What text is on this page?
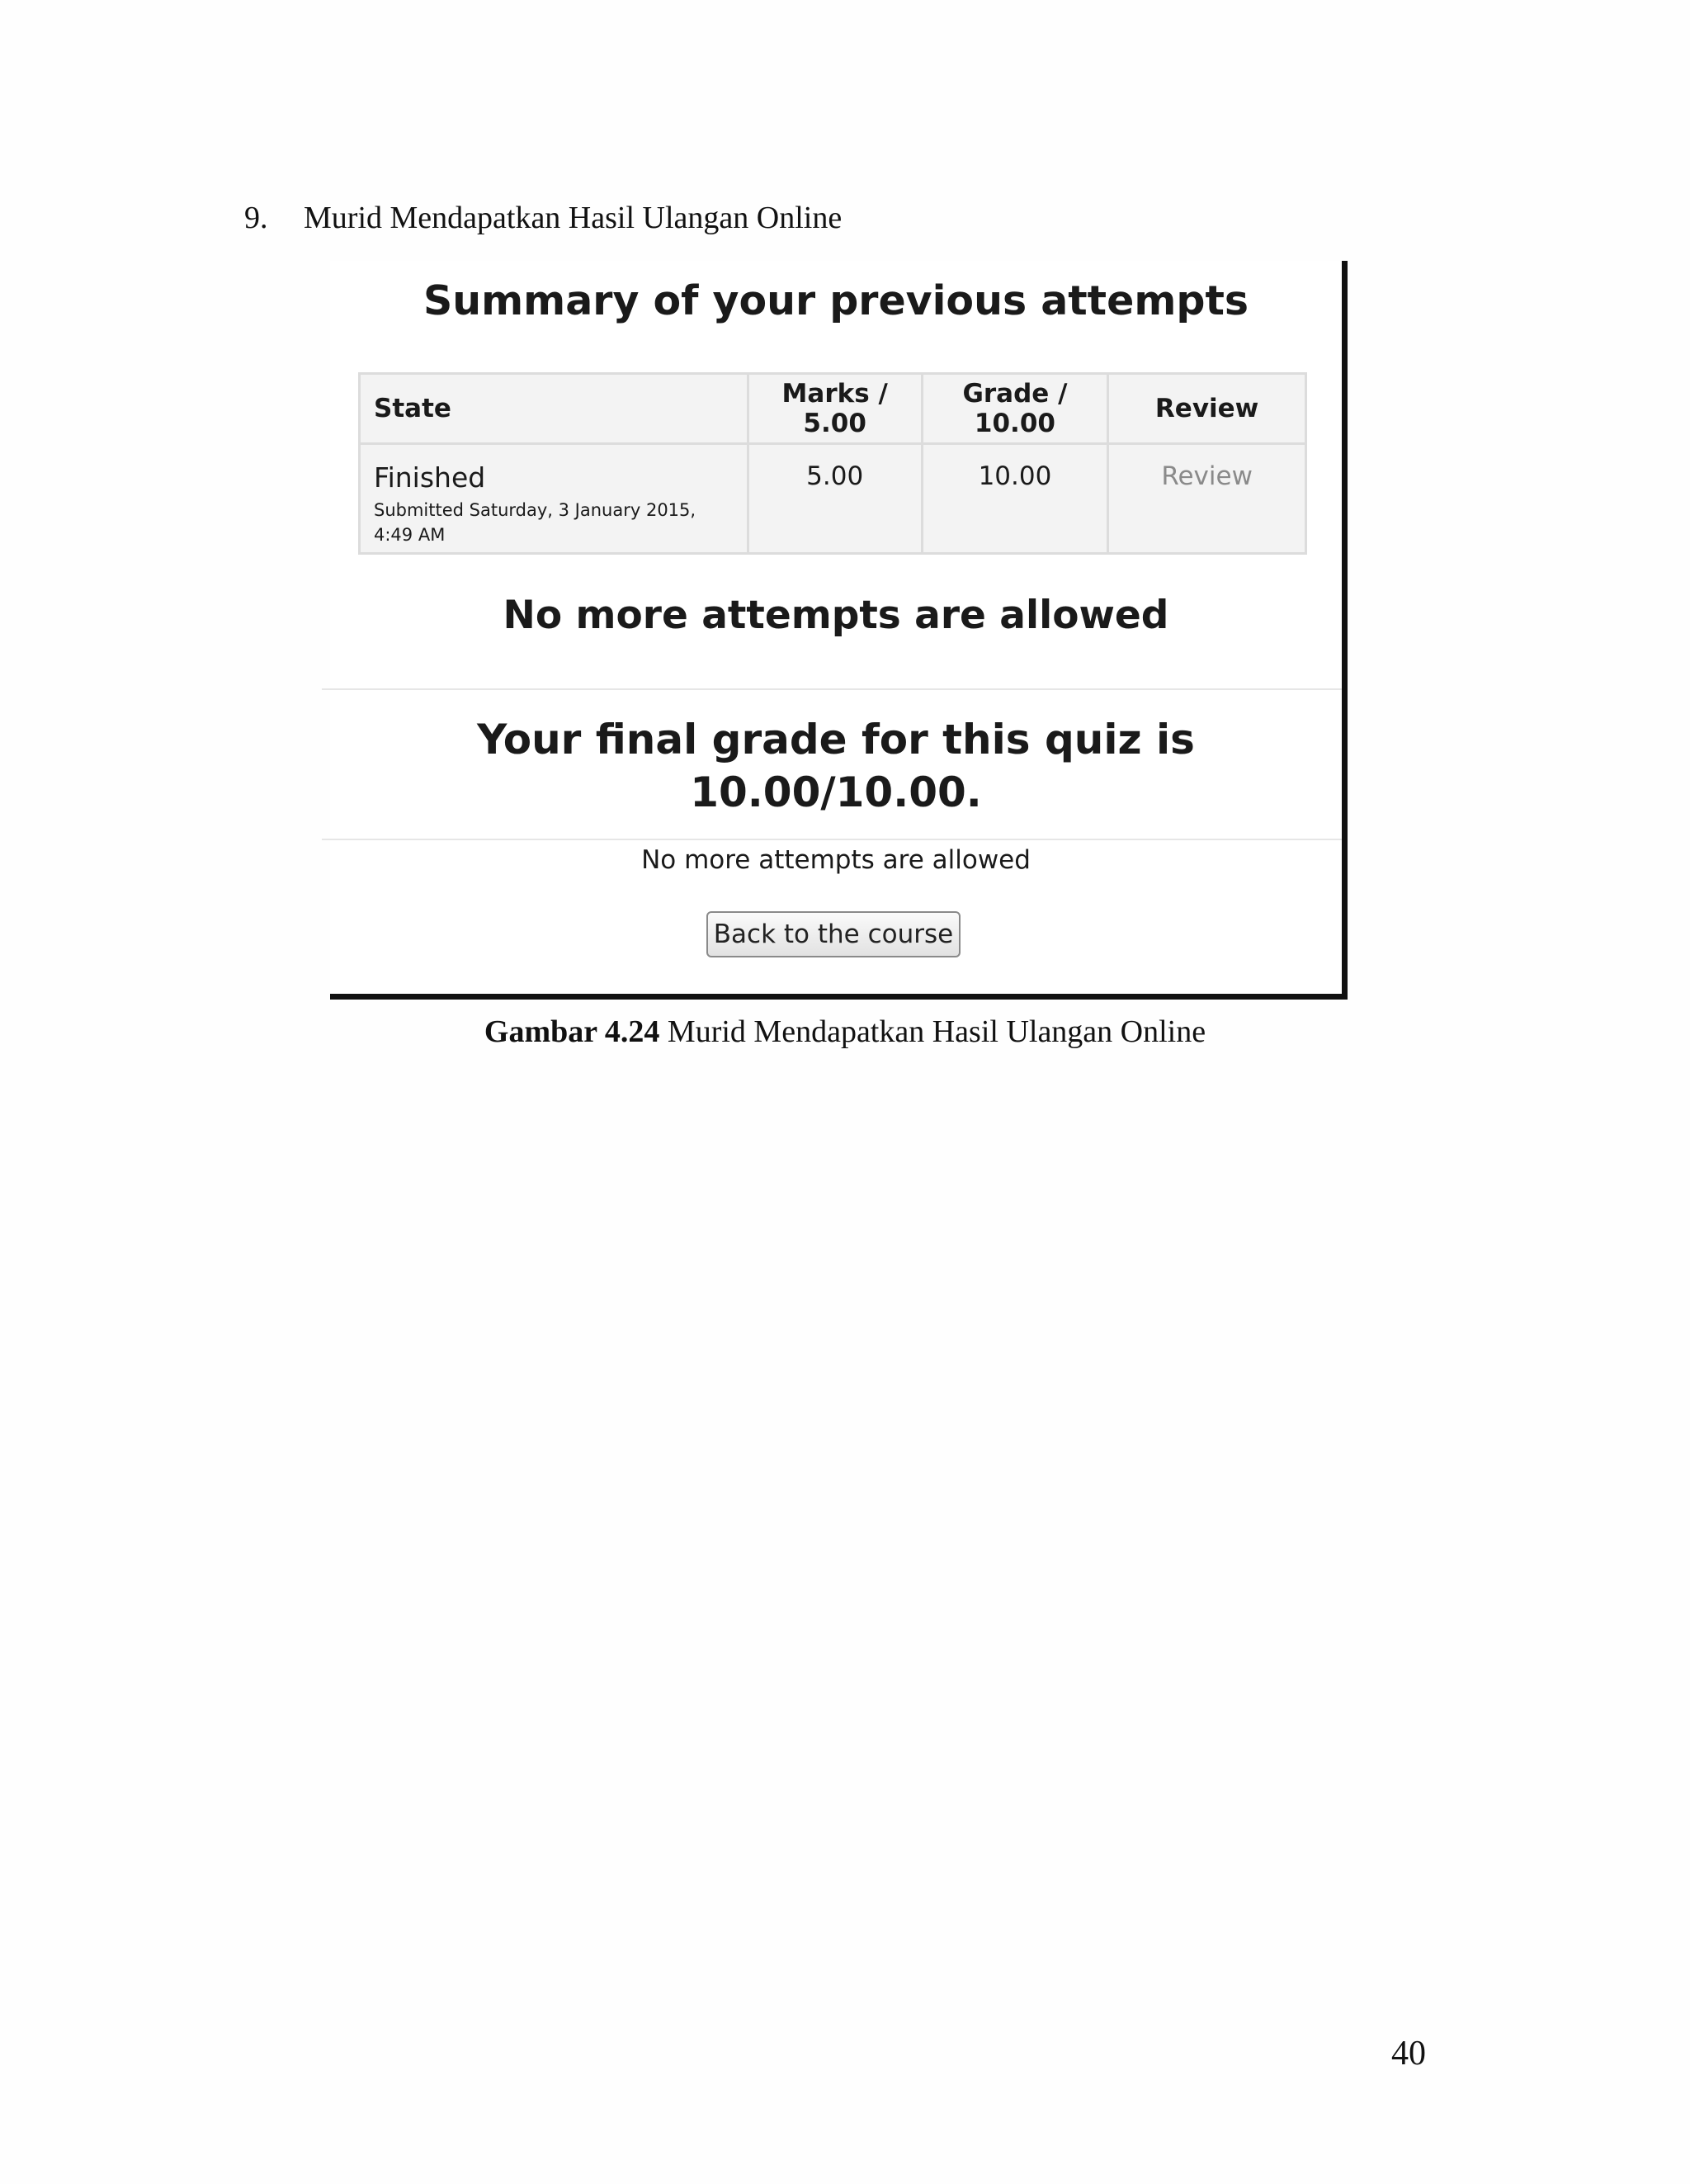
9. Murid Mendapatkan Hasil Ulangan Online
Summary of your previous attempts
State	Marks / 5.00	Grade / 10.00	Review

Finished
Submitted Saturday, 3 January 2015, 4:49 AM	5.00	10.00	Review
No more attempts are allowed
Your final grade for this quiz is 10.00/10.00.
No more attempts are allowed
Back to the course
Gambar 4.24 Murid Mendapatkan Hasil Ulangan Online
40
